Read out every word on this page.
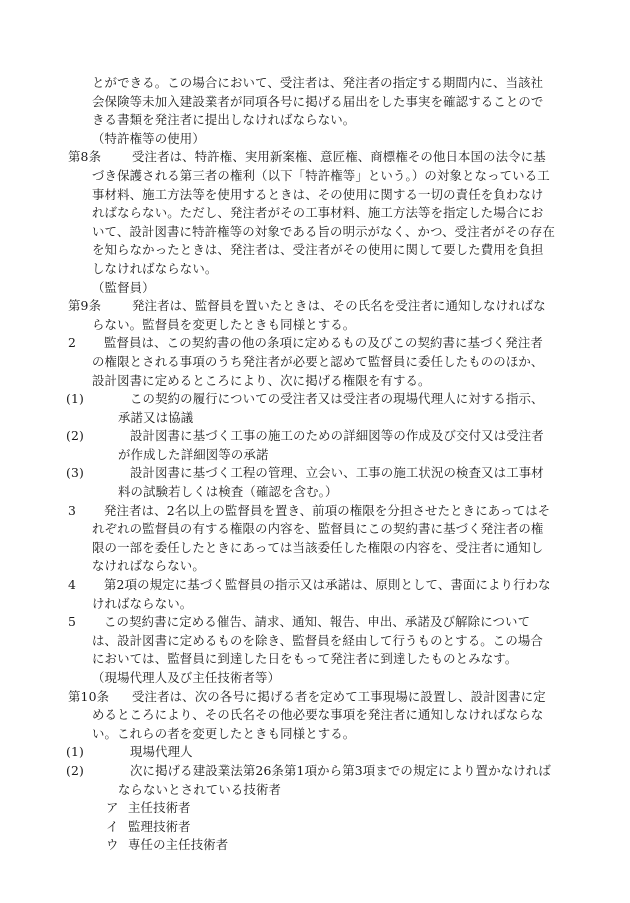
とができる。この場合において、受注者は、発注者の指定する期間内に、当該社会保険等未加入建設業者が同項各号に掲げる届出をした事実を確認することのできる書類を発注者に提出しなければならない。

（特許権等の使用）

第8条 受注者は、特許権、実用新案権、意匠権、商標権その他日本国の法令に基づき保護される第三者の権利（以下「特許権等」という。）の対象となっている工事材料、施工方法等を使用するときは、その使用に関する一切の責任を負わなければならない。ただし、発注者がその工事材料、施工方法等を指定した場合において、設計図書に特許権等の対象である旨の明示がなく、かつ、受注者がその存在を知らなかったときは、発注者は、受注者がその使用に関して要した費用を負担しなければならない。

（監督員）

第9条 発注者は、監督員を置いたときは、その氏名を受注者に通知しなければならない。監督員を変更したときも同様とする。

2 監督員は、この契約書の他の条項に定めるもの及びこの契約書に基づく発注者の権限とされる事項のうち発注者が必要と認めて監督員に委任したもののほか、設計図書に定めるところにより、次に掲げる権限を有する。

(1)	この契約の履行についての受注者又は受注者の現場代理人に対する指示、承諾又は協議

(2)	設計図書に基づく工事の施工のための詳細図等の作成及び交付又は受注者が作成した詳細図等の承諾

(3)	設計図書に基づく工程の管理、立会い、工事の施工状況の検査又は工事材料の試験若しくは検査（確認を含む。）

3 発注者は、2名以上の監督員を置き、前項の権限を分担させたときにあってはそれぞれの監督員の有する権限の内容を、監督員にこの契約書に基づく発注者の権限の一部を委任したときにあっては当該委任した権限の内容を、受注者に通知しなければならない。

4 第2項の規定に基づく監督員の指示又は承諾は、原則として、書面により行わなければならない。

5 この契約書に定める催告、請求、通知、報告、申出、承諾及び解除については、設計図書に定めるものを除き、監督員を経由して行うものとする。この場合においては、監督員に到達した日をもって発注者に到達したものとみなす。

（現場代理人及び主任技術者等）

第10条 受注者は、次の各号に掲げる者を定めて工事現場に設置し、設計図書に定めるところにより、その氏名その他必要な事項を発注者に通知しなければならない。これらの者を変更したときも同様とする。

(1)	現場代理人

(2)	次に掲げる建設業法第26条第1項から第3項までの規定により置かなければならないとされている技術者

ア 主任技術者

イ 監理技術者

ウ 専任の主任技術者
